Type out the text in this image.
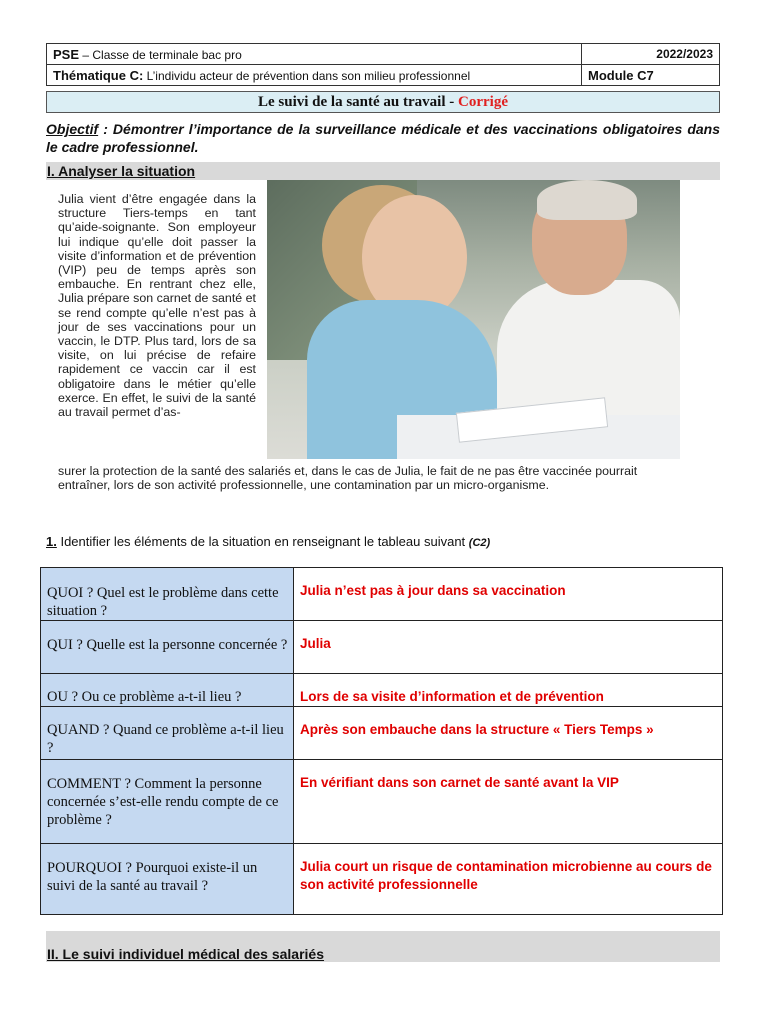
PSE – Classe de terminale bac pro	2022/2023
Thématique C: L’individu acteur de prévention dans son milieu professionnel	Module C7
Le suivi de la santé au travail - Corrigé
Objectif : Démontrer l’importance de la surveillance médicale et des vaccinations obligatoires dans le cadre professionnel.
I. Analyser la situation
Julia vient d’être engagée dans la structure Tiers-temps en tant qu’aide-soignante. Son employeur lui indique qu’elle doit passer la visite d’information et de prévention (VIP) peu de temps après son embauche. En rentrant chez elle, Julia prépare son carnet de santé et se rend compte qu’elle n’est pas à jour de ses vaccinations pour un vaccin, le DTP. Plus tard, lors de sa visite, on lui précise de refaire rapidement ce vaccin car il est obligatoire dans le métier qu’elle exerce. En effet, le suivi de la santé au travail permet d’as-
surer la protection de la santé des salariés et, dans le cas de Julia, le fait de ne pas être vaccinée pourrait entraîner, lors de son activité professionnelle, une contamination par un micro-organisme.
1. Identifier les éléments de la situation en renseignant le tableau suivant (C2)
QUOI ? Quel est le problème dans cette situation ?	Julia n’est pas à jour dans sa vaccination
QUI ? Quelle est la personne concernée ?	Julia
OU ? Ou ce problème a-t-il lieu ?	Lors de sa visite d’information et de prévention
QUAND ? Quand ce problème a-t-il lieu ?	Après son embauche dans la structure « Tiers Temps »
COMMENT ? Comment la personne concernée s’est-elle rendu compte de ce problème ?	En vérifiant dans son carnet de santé avant la VIP
POURQUOI ? Pourquoi existe-il un suivi de la santé au travail ?	Julia court un risque de contamination microbienne au cours de son activité professionnelle
II. Le suivi individuel médical des salariés
